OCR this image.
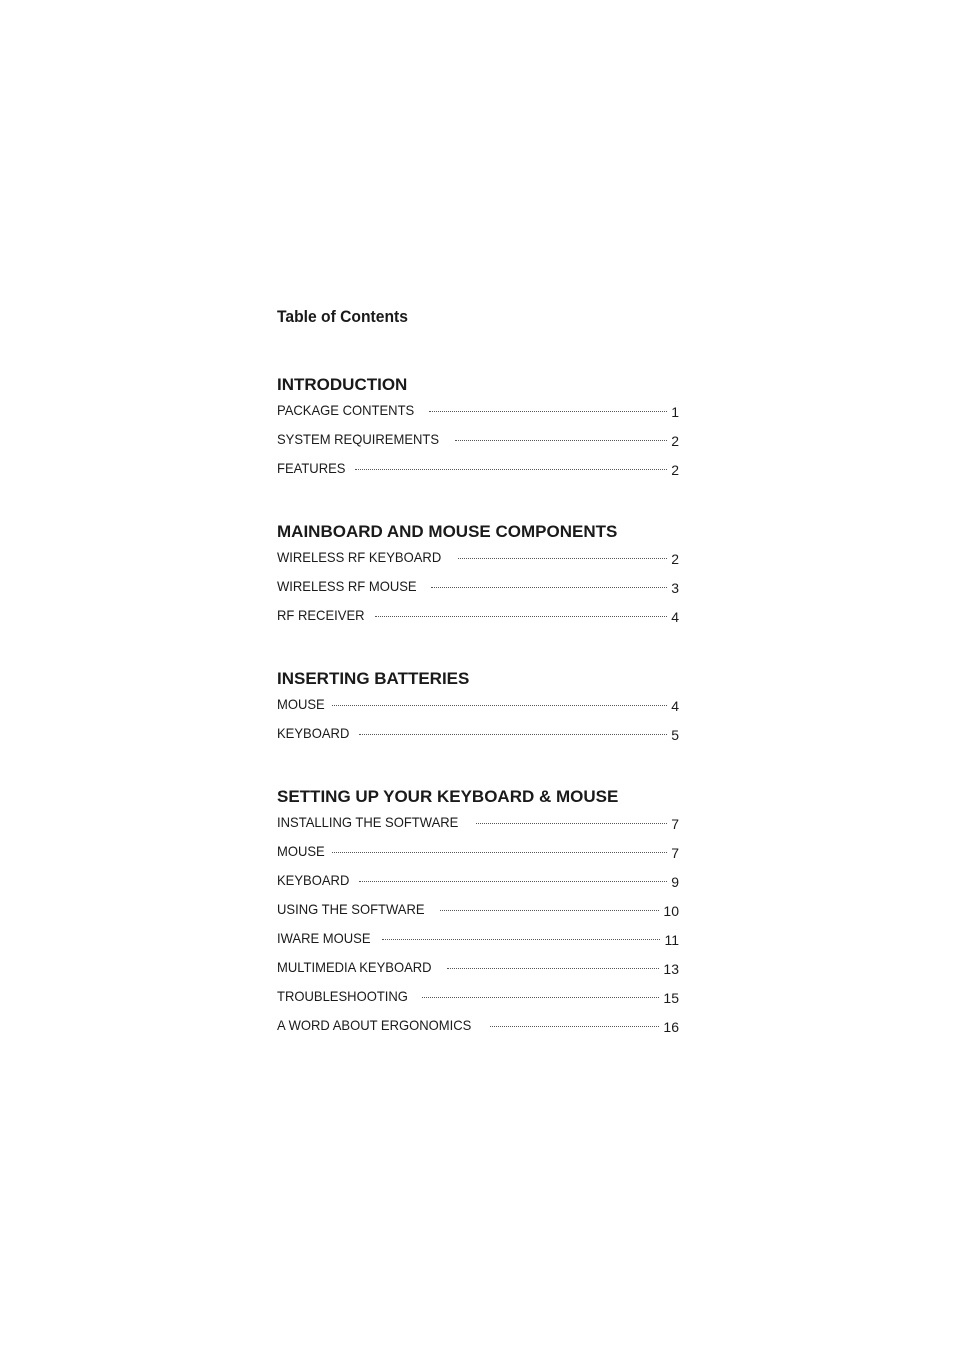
Table of Contents
INTRODUCTION
PACKAGE CONTENTS	1
SYSTEM REQUIREMENTS	2
FEATURES	2
MAINBOARD AND MOUSE COMPONENTS
WIRELESS RF KEYBOARD	2
WIRELESS RF MOUSE	3
RF RECEIVER	4
INSERTING BATTERIES
MOUSE	4
KEYBOARD	5
SETTING UP YOUR KEYBOARD & MOUSE
INSTALLING THE SOFTWARE	7
MOUSE	7
KEYBOARD	9
USING THE SOFTWARE	10
IWARE MOUSE	11
MULTIMEDIA KEYBOARD	13
TROUBLESHOOTING	15
A WORD ABOUT ERGONOMICS	16
